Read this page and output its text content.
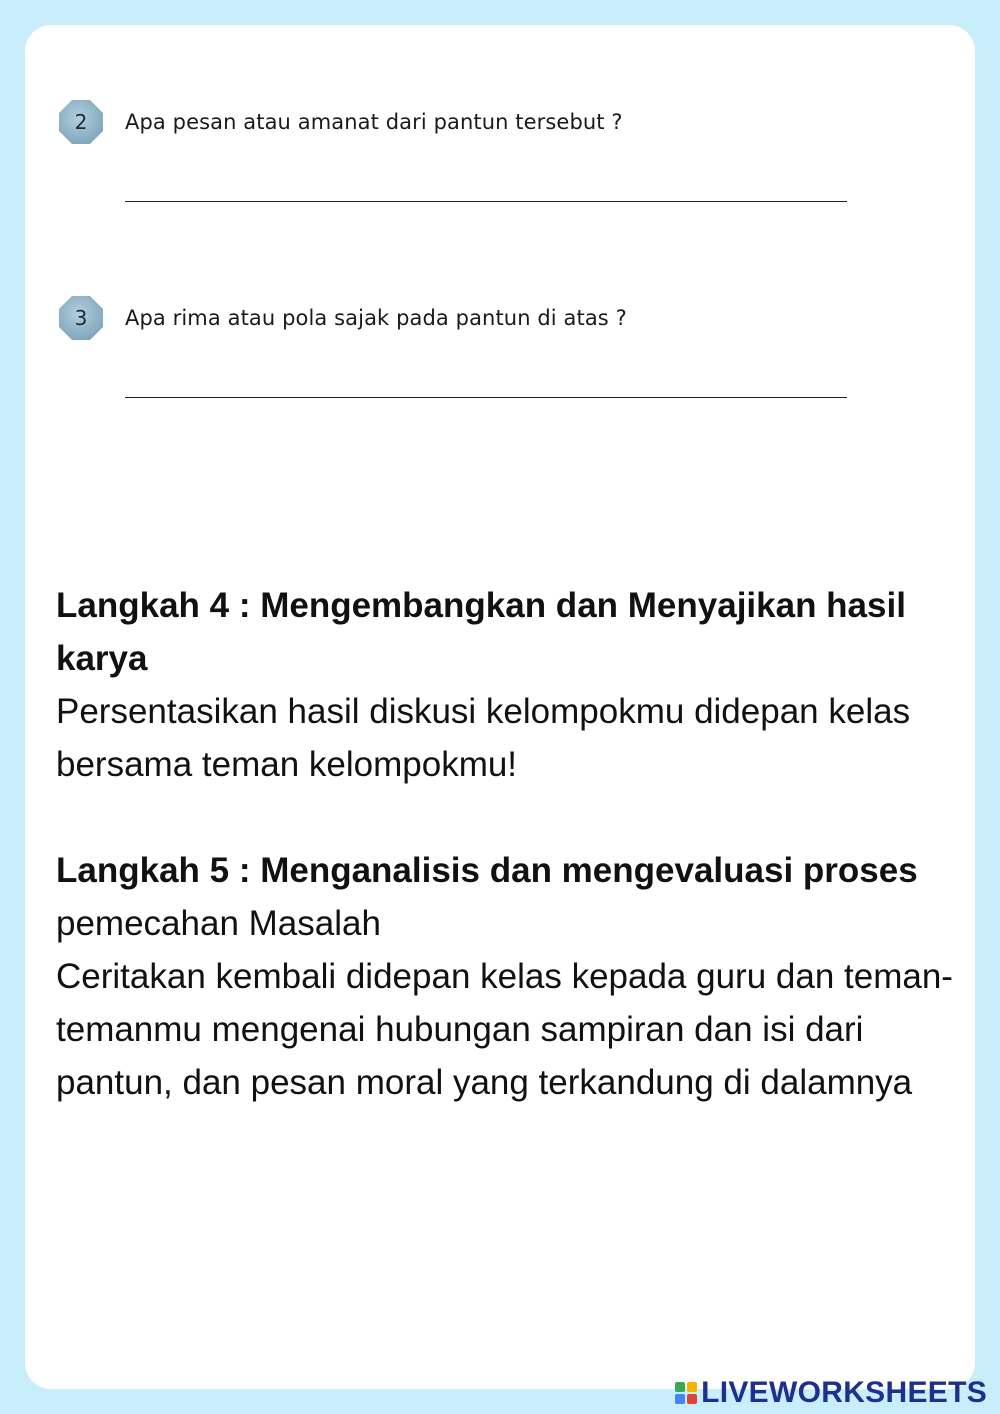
2	Apa pesan atau amanat dari pantun tersebut ?
3	Apa rima atau pola sajak pada pantun di atas ?
Langkah 4 : Mengembangkan dan Menyajikan hasil karya
Persentasikan hasil diskusi kelompokmu didepan kelas bersama teman kelompokmu!
Langkah 5 : Menganalisis dan mengevaluasi proses
pemecahan Masalah
Ceritakan kembali didepan kelas kepada guru dan teman-temanmu mengenai hubungan sampiran dan isi dari pantun, dan pesan moral yang terkandung di dalamnya
LIVEWORKSHEETS
